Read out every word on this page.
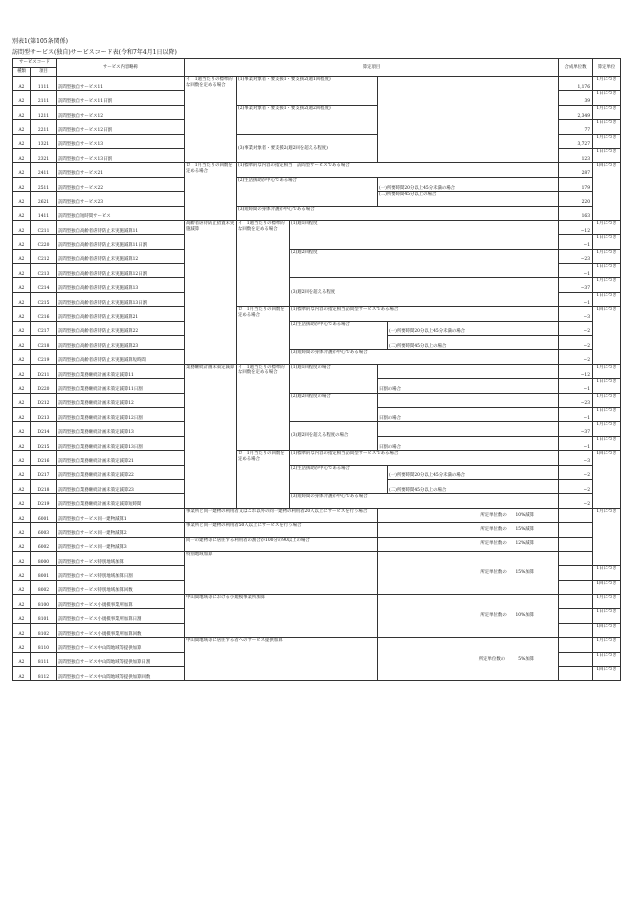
別表1(第105条関係)
訪問型サービス(独自)サービスコード表(令和7年4月1日以降)
サービスコード		サービス内容略称	算定項目					合成単位数	算定単位
種類	項目								
A2	1111	訪問型独自サービス11	イ　1週当たりの標準的な回数を定める場合	(1)事業対象者・要支援1・要支援2(週1回程度)				1,176	1月につき
A2	2111	訪問型独自サービス11日割						39	1日につき
A2	1211	訪問型独自サービス12		(2)事業対象者・要支援1・要支援2(週2回程度)				2,349	1月につき
A2	2211	訪問型独自サービス12日割						77	1日につき
A2	1321	訪問型独自サービス13		(3)事業対象者・要支援2(週2回を超える程度)				3,727	1月につき
A2	2321	訪問型独自サービス13日割						123	1日につき
A2	2411	訪問型独自サービス21	ロ　1月当たりの回数を定める場合	(1)標準的な内容の指定相当　訪問型サービスである場合				287	1回につき
A2	2511	訪問型独自サービス22		(2)生活援助が中心である場合		(一)所要時間20分以上45分未満の場合		179	
A2	2621	訪問型独自サービス23				(二)所要時間45分以上の場合		220	
A2	1411	訪問型独自短時間サービス		(3)短時間の身体介護が中心である場合				163	
A2	C211	訪問型独自高齢者虐待防止未実施減算11	高齢者虐待防止措置未実施減算	イ　1週当たりの標準的な回数を定める場合	(1)週1回程度			−12	1月につき
A2	C220	訪問型独自高齢者虐待防止未実施減算11日割						−1	1日につき
A2	C212	訪問型独自高齢者虐待防止未実施減算12			(2)週2回程度			−23	1月につき
A2	C213	訪問型独自高齢者虐待防止未実施減算12日割						−1	1日につき
A2	C214	訪問型独自高齢者虐待防止未実施減算13			(3)週2回を超える程度			−37	1月につき
A2	C215	訪問型独自高齢者虐待防止未実施減算13日割						−1	1日につき
A2	C216	訪問型独自高齢者虐待防止未実施減算21		ロ　1月当たりの回数を定める場合	(1)標準的な内容の指定相当訪問型サービスである場合			−3	1回につき
A2	C217	訪問型独自高齢者虐待防止未実施減算22			(2)生活援助が中心である場合		(一)所要時間20分以上45分未満の場合	−2	
A2	C218	訪問型独自高齢者虐待防止未実施減算23					(二)所要時間45分以上の場合	−2	
A2	C219	訪問型独自高齢者虐待防止未実施減算短時間			(3)短時間の身体介護が中心である場合			−2	
A2	D211	訪問型独自業務継続計画未策定減算11	業務継続計画未策定減算	イ　1週当たりの標準的な回数を定める場合	(1)週1回程度の場合			−12	1月につき
A2	D220	訪問型独自業務継続計画未策定減算11日割				日割の場合		−1	1日につき
A2	D212	訪問型独自業務継続計画未策定減算12			(2)週2回程度の場合			−23	1月につき
A2	D213	訪問型独自業務継続計画未策定減算12日割				日割の場合		−1	1日につき
A2	D214	訪問型独自業務継続計画未策定減算13			(3)週2回を超える程度の場合			−37	1月につき
A2	D215	訪問型独自業務継続計画未策定減算13日割				日割の場合		−1	1日につき
A2	D216	訪問型独自業務継続計画未策定減算21		ロ　1月当たりの回数を定める場合	(1)標準的な内容の指定相当訪問型サービスである場合			−3	1回につき
A2	D217	訪問型独自業務継続計画未策定減算22			(2)生活援助が中心である場合		(一)所要時間20分以上45分未満の場合	−2	
A2	D218	訪問型独自業務継続計画未策定減算23					(二)所要時間45分以上の場合	−2	
A2	D219	訪問型独自業務継続計画未策定減算短時間			(3)短時間の身体介護が中心である場合			−2	
A2	6001	訪問型独自サービス同一建物減算1	事業所と同一建物の利用者又はこれ以外の同一建物の利用者20人以上にサービスを行う場合			所定単位数の　　10%減算			1月につき
A2	6003	訪問型独自サービス同一建物減算2	事業所と同一建物の利用者50人以上にサービスを行う場合			所定単位数の　　15%減算			
A2	6002	訪問型独自サービス同一建物減算3	同一の建物等に居住する利用者の割合が100分の90以上の場合			所定単位数の　　12%減算			
A2	8000	訪問型独自サービス特別地域加算	特別地域加算			所定単位数の　　15%加算			
A2	8001	訪問型独自サービス特別地域加算日割							1日につき
A2	8002	訪問型独自サービス特別地域加算回数							1回につき
A2	8100	訪問型独自サービス小規模事業所加算	中山間地域等における小規模事業所加算			所定単位数の　　10%加算			1月につき
A2	8101	訪問型独自サービス小規模事業所加算日割							1日につき
A2	8102	訪問型独自サービス小規模事業所加算回数							1回につき
A2	8110	訪問型独自サービス中山間地域等提供加算	中山間地域等に居住する者へのサービス提供加算			所定単位数の　　　5%加算			1月につき
A2	8111	訪問型独自サービス中山間地域等提供加算日割							1日につき
A2	8112	訪問型独自サービス中山間地域等提供加算回数							1回につき
